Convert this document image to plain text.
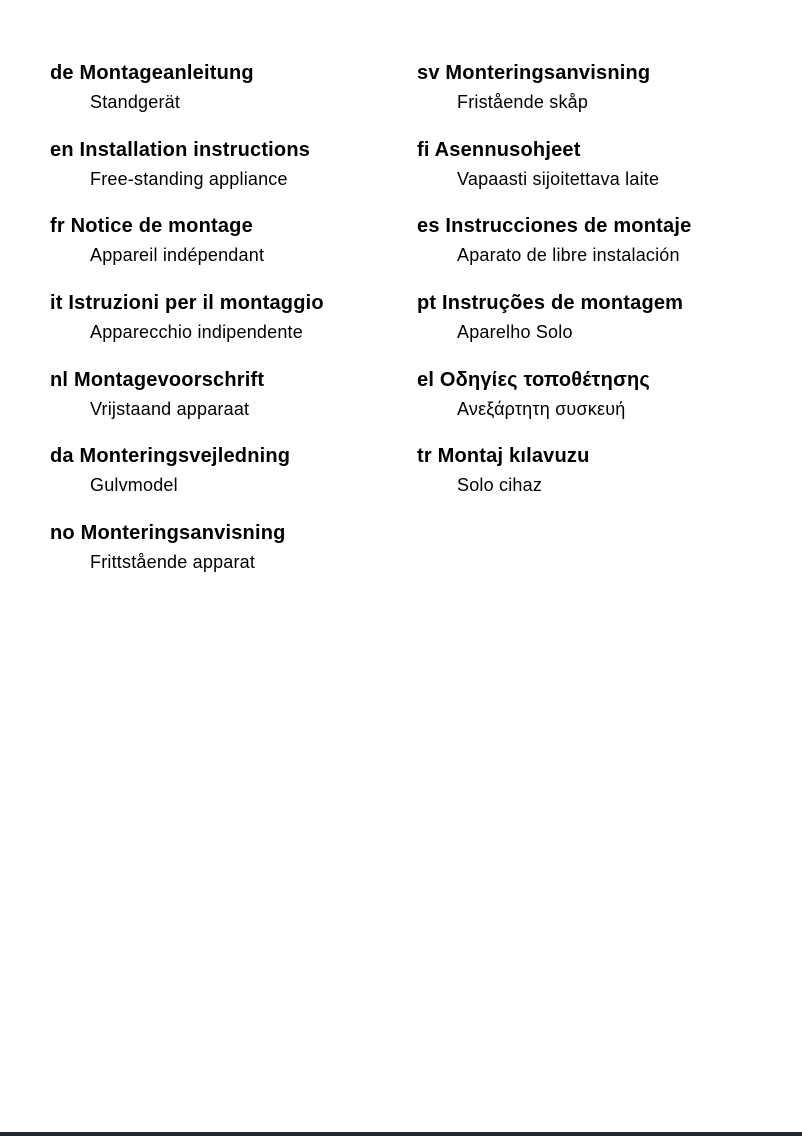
de Montageanleitung
Standgerät
en Installation instructions
Free-standing appliance
fr Notice de montage
Appareil indépendant
it Istruzioni per il montaggio
Apparecchio indipendente
nl Montagevoorschrift
Vrijstaand apparaat
da Monteringsvejledning
Gulvmodel
no Monteringsanvisning
Frittstående apparat
sv Monteringsanvisning
Fristående skåp
fi Asennusohjeet
Vapaasti sijoitettava laite
es Instrucciones de montaje
Aparato de libre instalación
pt Instruções de montagem
Aparelho Solo
el Οδηγίες τοποθέτησης
Ανεξάρτητη συσκευή
tr Montaj kılavuzu
Solo cihaz
